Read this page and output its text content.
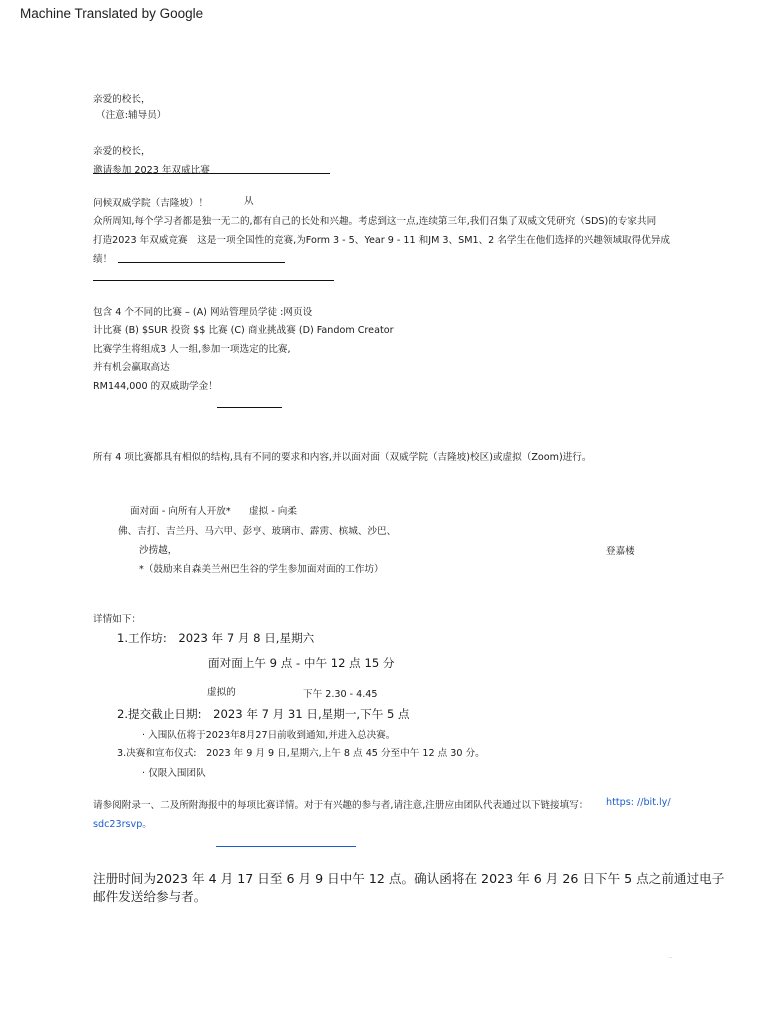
Machine Translated by Google
亲爱的校长，
（注意:辅导员）
亲爱的校长，
邀请参加 2023 年双威比赛
问候双威学院（吉隆坡）！	从
众所周知,每个学习者都是独一无二的,都有自己的长处和兴趣。考虑到这一点,连续第三年,我们召集了双威文凭研究（SDS)的专家共同
打造2023 年双威竞赛　这是一项全国性的竞赛,为Form 3 - 5、Year 9 - 11 和JM 3、SM1、2 名学生在他们选择的兴趣领域取得优异成
绩！
包含 4 个不同的比赛 – (A) 网站管理员学徒 :网页设
计比赛 (B) $SUR 投资 $$ 比赛 (C) 商业挑战赛 (D) Fandom Creator
比赛学生将组成3 人一组,参加一项选定的比赛,
并有机会赢取高达
RM144,000 的双威助学金！
所有 4 项比赛都具有相似的结构,具有不同的要求和内容,并以面对面（双威学院（吉隆坡)校区)或虚拟（Zoom)进行。
面对面 - 向所有人开放* 虚拟 - 向柔
佛、吉打、吉兰丹、马六甲、彭亨、玻璃市、霹雳、槟城、沙巴、
沙捞越，	登嘉楼
*（鼓励来自森美兰州巴生谷的学生参加面对面的工作坊）
详情如下：
1.工作坊:　2023 年 7 月 8 日,星期六
面对面上午 9 点 - 中午 12 点 15 分
虚拟的	下午 2.30 - 4.45
2.提交截止日期:　2023 年 7 月 31 日,星期一,下午 5 点
· 入围队伍将于2023年8月27日前收到通知,并进入总决赛。
3.决赛和宣布仪式:　2023 年 9 月 9 日,星期六,上午 8 点 45 分至中午 12 点 30 分。
· 仅限入围团队
请参阅附录一、二及所附海报中的每项比赛详情。对于有兴趣的参与者,请注意,注册应由团队代表通过以下链接填写： https: //bit.ly/
sdc23rsvp。
注册时间为2023 年 4 月 17 日至 6 月 9 日中午 12 点。确认函将在 2023 年 6 月 26 日下午 5 点之前通过电子
邮件发送给参与者。
··
